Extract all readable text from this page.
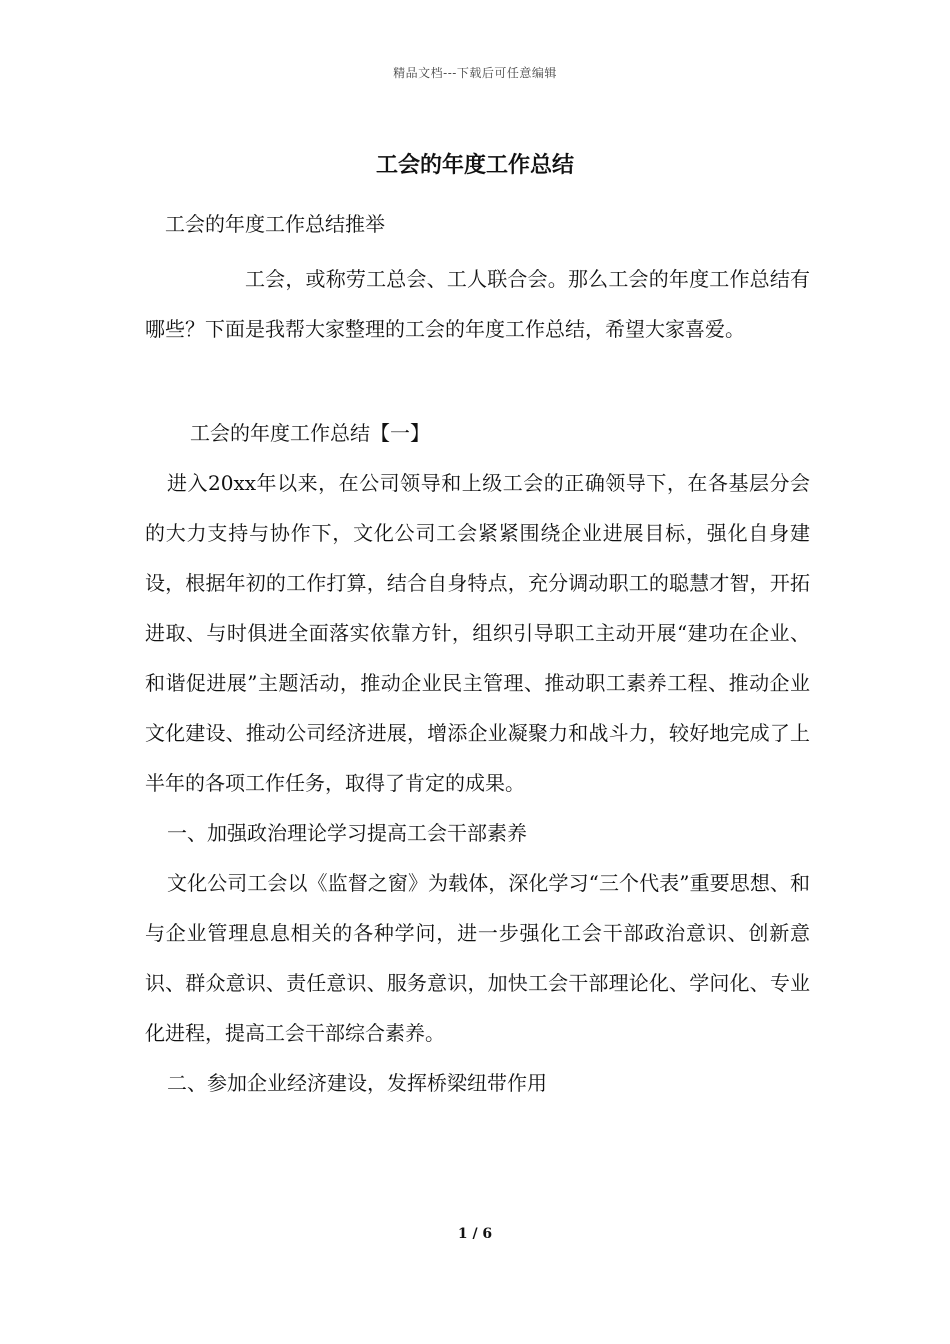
精品文档---下载后可任意编辑
工会的年度工作总结

工会的年度工作总结推举

工会，或称劳工总会、工人联合会。那么工会的年度工作总结有哪些？下面是我帮大家整理的工会的年度工作总结，希望大家喜爱。

工会的年度工作总结【一】

进入20xx年以来，在公司领导和上级工会的正确领导下，在各基层分会的大力支持与协作下，文化公司工会紧紧围绕企业进展目标，强化自身建设，根据年初的工作打算，结合自身特点，充分调动职工的聪慧才智，开拓进取、与时俱进全面落实依靠方针，组织引导职工主动开展“建功在企业、和谐促进展”主题活动，推动企业民主管理、推动职工素养工程、推动企业文化建设、推动公司经济进展，增添企业凝聚力和战斗力，较好地完成了上半年的各项工作任务，取得了肯定的成果。

一、加强政治理论学习提高工会干部素养

文化公司工会以《监督之窗》为载体，深化学习“三个代表”重要思想、和与企业管理息息相关的各种学问，进一步强化工会干部政治意识、创新意识、群众意识、责任意识、服务意识，加快工会干部理论化、学问化、专业化进程，提高工会干部综合素养。

二、参加企业经济建设，发挥桥梁纽带作用

1 / 6
